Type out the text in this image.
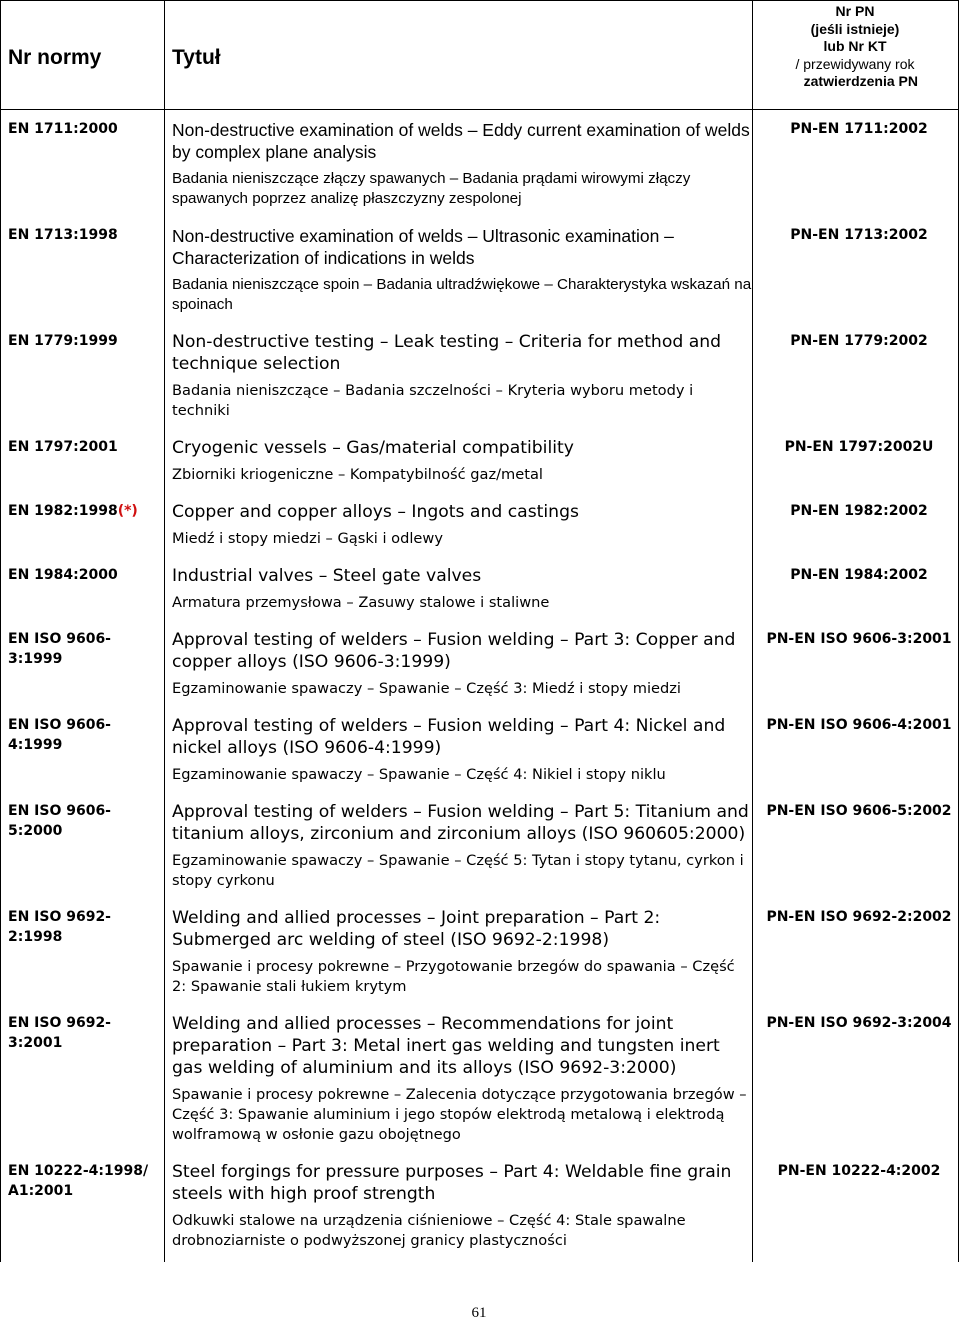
Nr normy	Tytuł	Nr PN
(jeśli istnieje)
lub Nr KT
/ przewidywany rok
zatwierdzenia PN

EN 1711:2000	Non-destructive examination of welds – Eddy current examination of welds by complex plane analysis
Badania nieniszczące złączy spawanych – Badania prądami wirowymi złączy spawanych poprzez analizę płaszczyzny zespolonej	PN-EN 1711:2002
EN 1713:1998	Non-destructive examination of welds – Ultrasonic examination – Characterization of indications in welds
Badania nieniszczące spoin – Badania ultradźwiękowe – Charakterystyka wskazań na spoinach	PN-EN 1713:2002
EN 1779:1999	Non-destructive testing – Leak testing – Criteria for method and technique selection
Badania nieniszczące – Badania szczelności – Kryteria wyboru metody i techniki	PN-EN 1779:2002
EN 1797:2001	Cryogenic vessels – Gas/material compatibility
Zbiorniki kriogeniczne – Kompatybilność gaz/metal	PN-EN 1797:2002U
EN 1982:1998(*)	Copper and copper alloys – Ingots and castings
Miedź i stopy miedzi – Gąski i odlewy	PN-EN 1982:2002
EN 1984:2000	Industrial valves – Steel gate valves
Armatura przemysłowa – Zasuwy stalowe i staliwne	PN-EN 1984:2002
EN ISO 9606-3:1999	Approval testing of welders – Fusion welding – Part 3: Copper and copper alloys (ISO 9606-3:1999)
Egzaminowanie spawaczy – Spawanie – Część 3: Miedź i stopy miedzi	PN-EN ISO 9606-3:2001
EN ISO 9606-4:1999	Approval testing of welders – Fusion welding – Part 4: Nickel and nickel alloys (ISO 9606-4:1999)
Egzaminowanie spawaczy – Spawanie – Część 4: Nikiel i stopy niklu	PN-EN ISO 9606-4:2001
EN ISO 9606-5:2000	Approval testing of welders – Fusion welding – Part 5: Titanium and titanium alloys, zirconium and zirconium alloys (ISO 960605:2000)
Egzaminowanie spawaczy – Spawanie – Część 5: Tytan i stopy tytanu, cyrkon i stopy cyrkonu	PN-EN ISO 9606-5:2002
EN ISO 9692-2:1998	Welding and allied processes – Joint preparation – Part 2: Submerged arc welding of steel (ISO 9692-2:1998)
Spawanie i procesy pokrewne – Przygotowanie brzegów do spawania – Część 2: Spawanie stali łukiem krytym	PN-EN ISO 9692-2:2002
EN ISO 9692-3:2001	Welding and allied processes – Recommendations for joint preparation – Part 3: Metal inert gas welding and tungsten inert gas welding of aluminium and its alloys (ISO 9692-3:2000)
Spawanie i procesy pokrewne – Zalecenia dotyczące przygotowania brzegów – Część 3: Spawanie aluminium i jego stopów elektrodą metalową i elektrodą wolframową w osłonie gazu obojętnego	PN-EN ISO 9692-3:2004
EN 10222-4:1998/ A1:2001	Steel forgings for pressure purposes – Part 4: Weldable fine grain steels with high proof strength
Odkuwki stalowe na urządzenia ciśnieniowe – Część 4: Stale spawalne drobnoziarniste o podwyższonej granicy plastyczności	PN-EN 10222-4:2002

61
